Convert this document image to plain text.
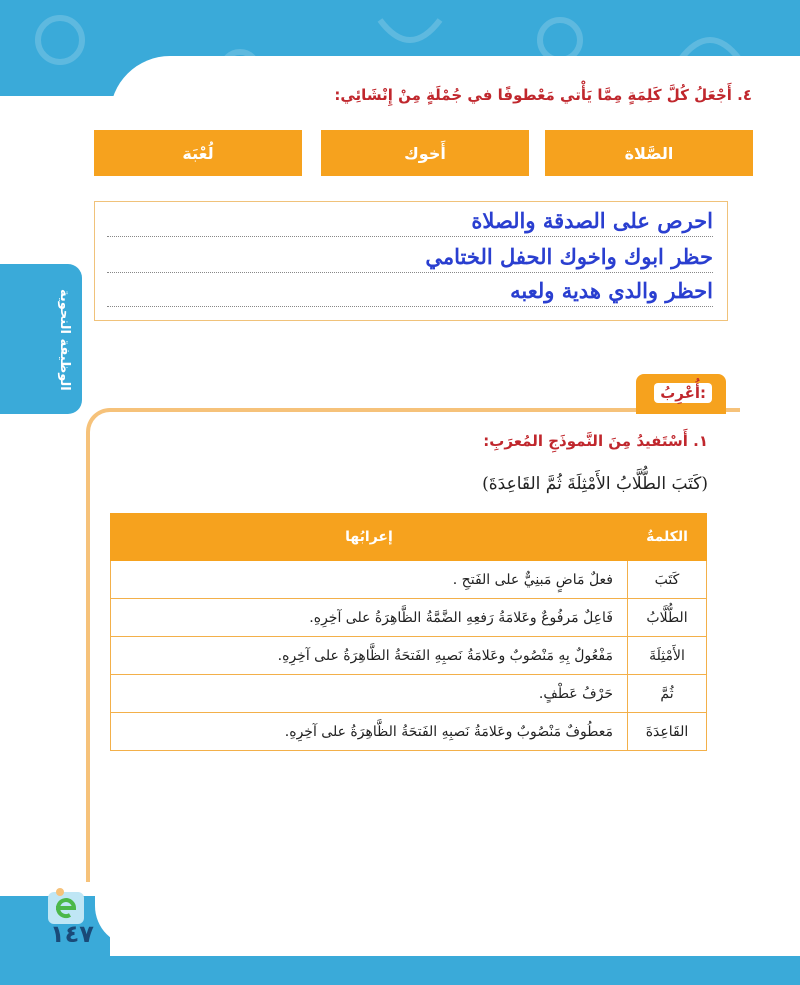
الوظيفة النحوية
٤. أَجْعَلُ كُلَّ كَلِمَةٍ مِمَّا يَأْتي مَعْطوفًا في جُمْلَةٍ مِنْ إِنْشَائِي:
الصَّلاة
أَخوك
لُعْبَة
احرص على الصدقة والصلاة
حظر ابوك واخوك الحفل الختامي
احظر والدي هدية ولعبه
أُعْرِبُ:
١. أَسْتَفيدُ مِنَ النَّموذَجِ المُعرَبِ:
(كَتَبَ الطُّلَّابُ الأَمْثِلَةَ ثُمَّ القَاعِدَةَ)
الكلمةُ	إعرابُها
كَتَبَ	فعلٌ مَاضٍ مَبنِيٌّ على الفَتحِ .
الطُّلَّابُ	فَاعِلٌ مَرفُوعٌ وعَلامَةُ رَفعِهِ الضَّمَّةُ الظَّاهِرَةُ على آخِرِهِ.
الأَمْثِلَةَ	مَفْعُولٌ بِهِ مَنْصُوبٌ وعَلامَةُ نَصبِهِ الفَتحَةُ الظَّاهِرَةُ على آخِرِهِ.
ثُمَّ	حَرْفُ عَطْفٍ.
القَاعِدَةَ	مَعطُوفٌ مَنْصُوبٌ وعَلامَةُ نَصبِهِ الفَتحَةُ الظَّاهِرَةُ على آخِرِهِ.
١٤٧
